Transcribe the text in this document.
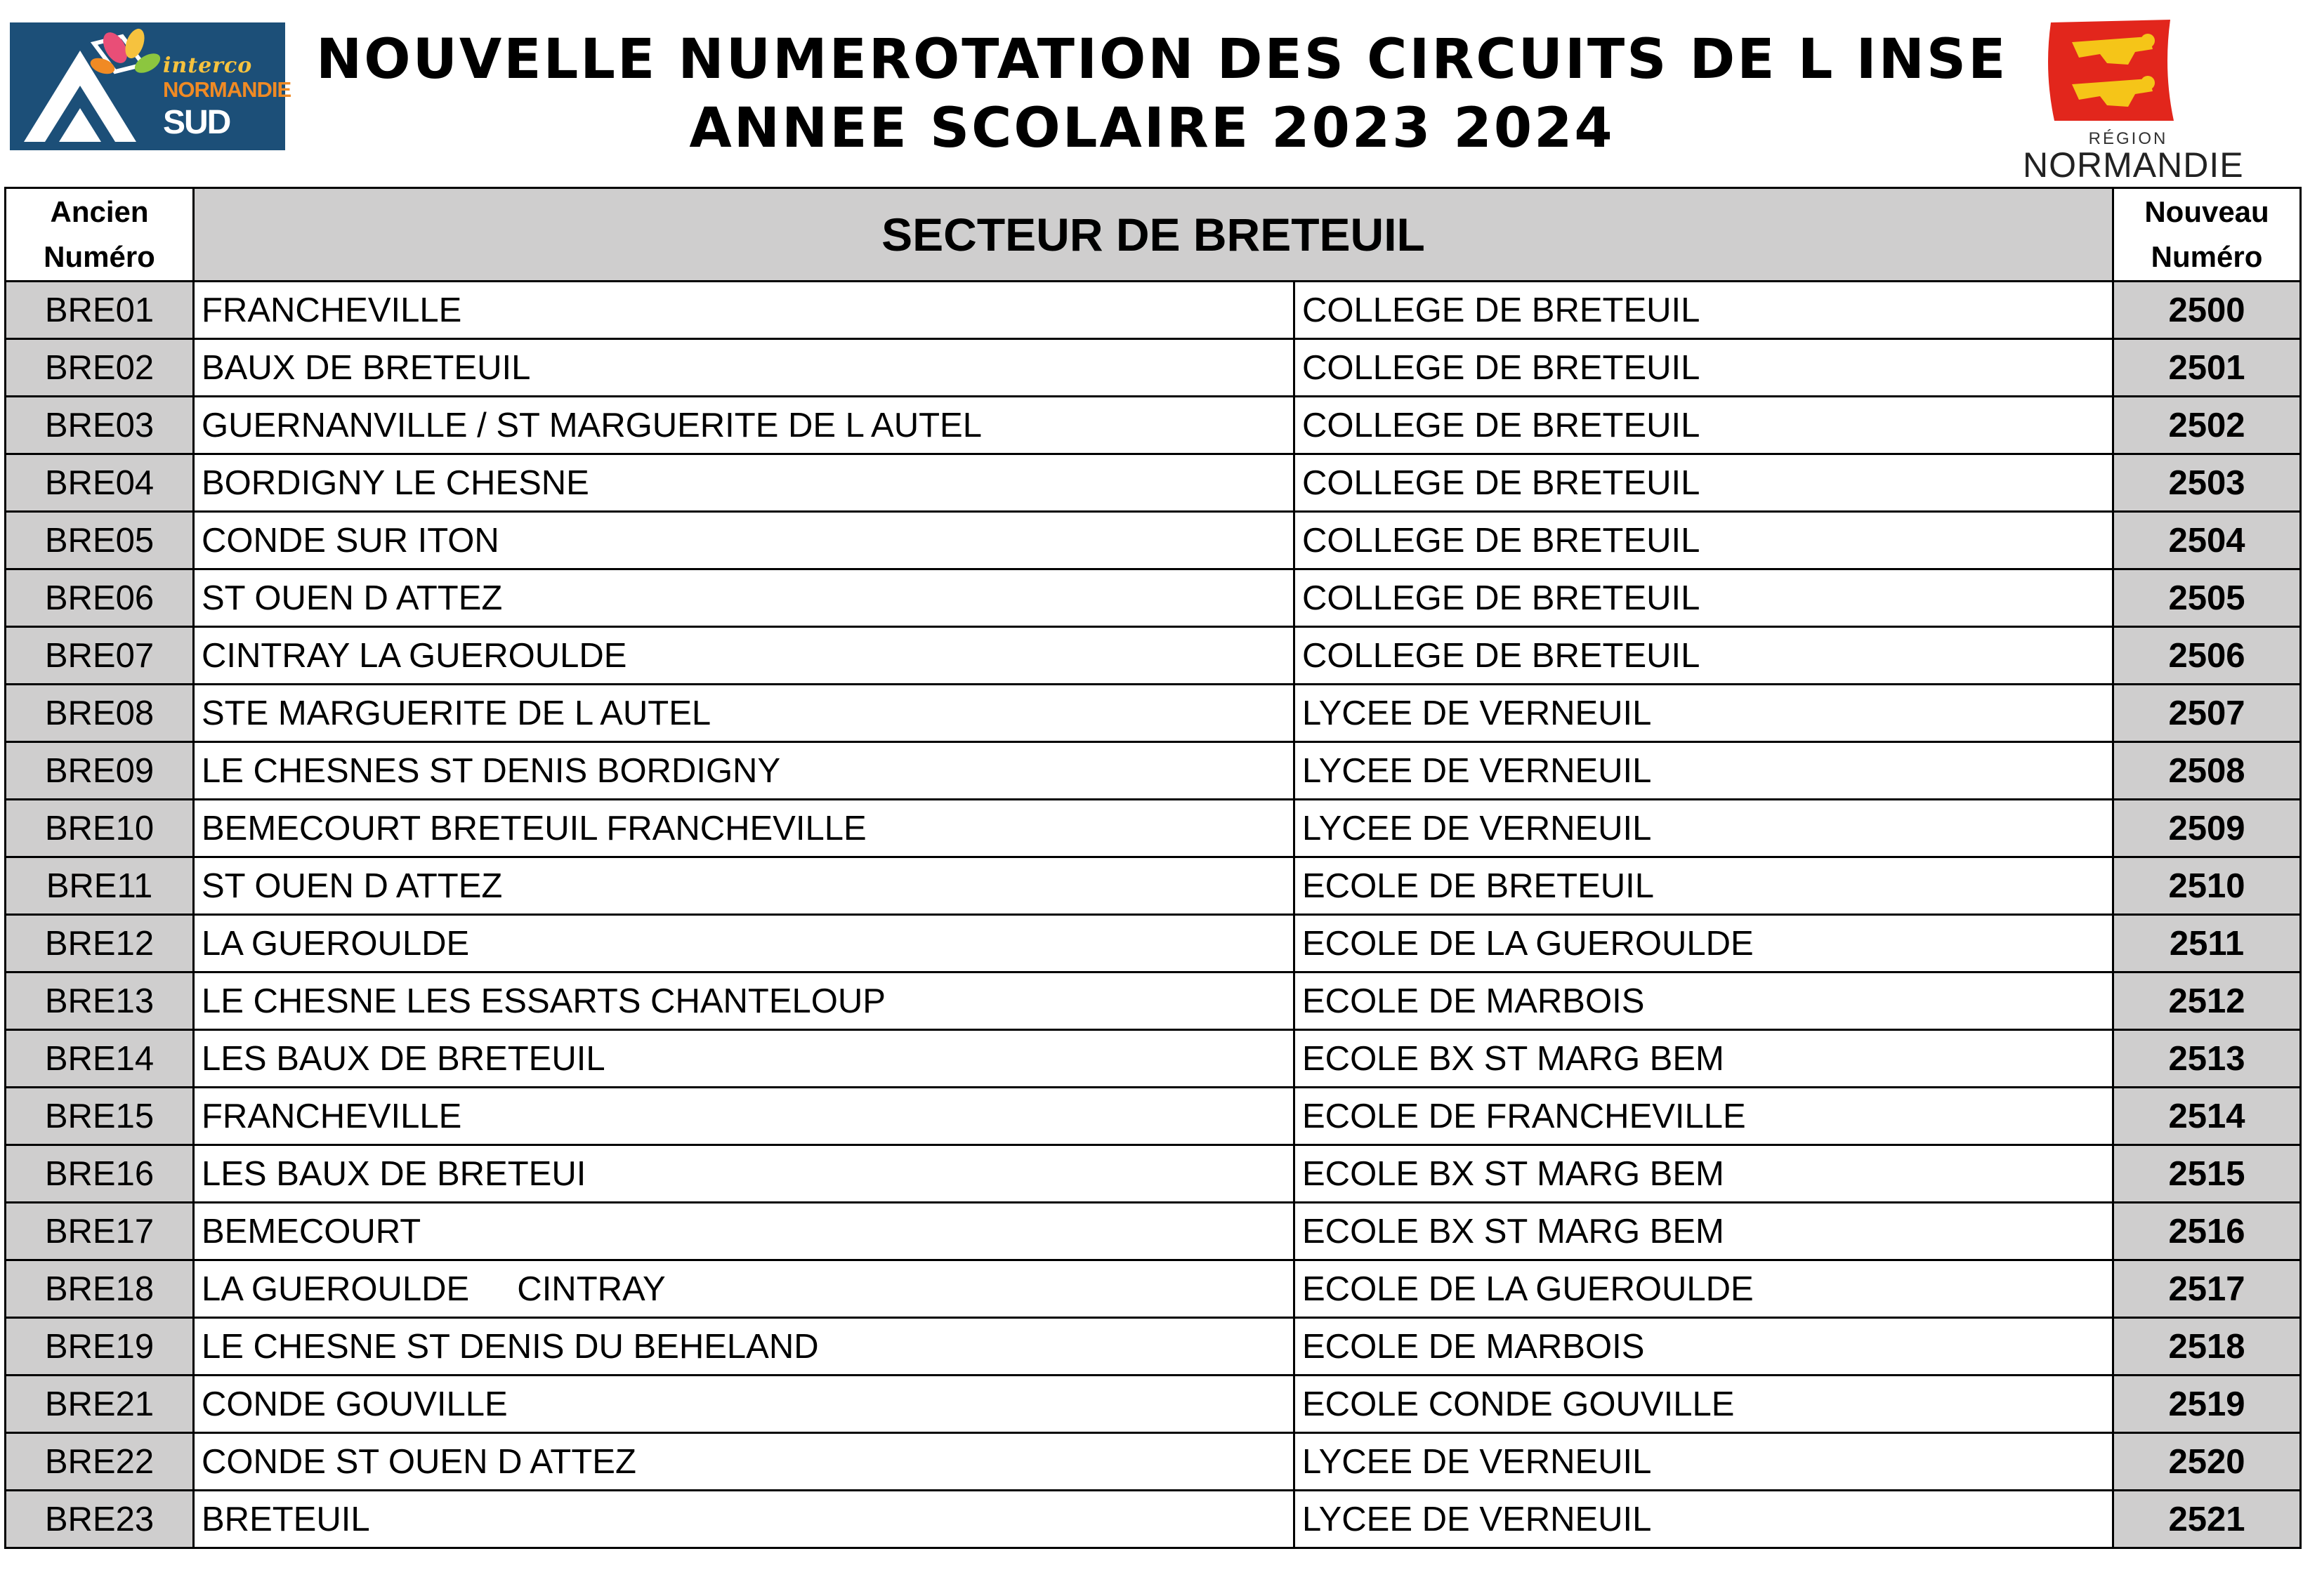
interco
NORMANDIE
SUD EURE
NOUVELLE NUMEROTATION DES CIRCUITS DE L INSE
ANNEE SCOLAIRE 2023 2024	RÉGION
NORMANDIE
Ancien
Numéro	SECTEUR DE BRETEUIL		Nouveau
Numéro

BRE01	FRANCHEVILLE	COLLEGE DE BRETEUIL	2500
BRE02	BAUX DE BRETEUIL	COLLEGE DE BRETEUIL	2501
BRE03	GUERNANVILLE / ST MARGUERITE DE L AUTEL	COLLEGE DE BRETEUIL	2502
BRE04	BORDIGNY LE CHESNE	COLLEGE DE BRETEUIL	2503
BRE05	CONDE SUR ITON	COLLEGE DE BRETEUIL	2504
BRE06	ST OUEN D ATTEZ	COLLEGE DE BRETEUIL	2505
BRE07	CINTRAY LA GUEROULDE	COLLEGE DE BRETEUIL	2506
BRE08	STE MARGUERITE DE L AUTEL	LYCEE DE VERNEUIL	2507
BRE09	LE CHESNES ST DENIS BORDIGNY	LYCEE DE VERNEUIL	2508
BRE10	BEMECOURT BRETEUIL FRANCHEVILLE	LYCEE DE VERNEUIL	2509
BRE11	ST OUEN D ATTEZ	ECOLE DE BRETEUIL	2510
BRE12	LA GUEROULDE	ECOLE DE LA GUEROULDE	2511
BRE13	LE CHESNE LES ESSARTS CHANTELOUP	ECOLE DE MARBOIS	2512
BRE14	LES BAUX DE BRETEUIL	ECOLE BX ST MARG BEM	2513
BRE15	FRANCHEVILLE	ECOLE DE FRANCHEVILLE	2514
BRE16	LES BAUX DE BRETEUI	ECOLE BX ST MARG BEM	2515
BRE17	BEMECOURT	ECOLE BX ST MARG BEM	2516
BRE18	LA GUEROULDE     CINTRAY	ECOLE DE LA GUEROULDE	2517
BRE19	LE CHESNE ST DENIS DU BEHELAND	ECOLE DE MARBOIS	2518
BRE21	CONDE GOUVILLE	ECOLE CONDE GOUVILLE	2519
BRE22	CONDE ST OUEN D ATTEZ	LYCEE DE VERNEUIL	2520
BRE23	BRETEUIL	LYCEE DE VERNEUIL	2521
